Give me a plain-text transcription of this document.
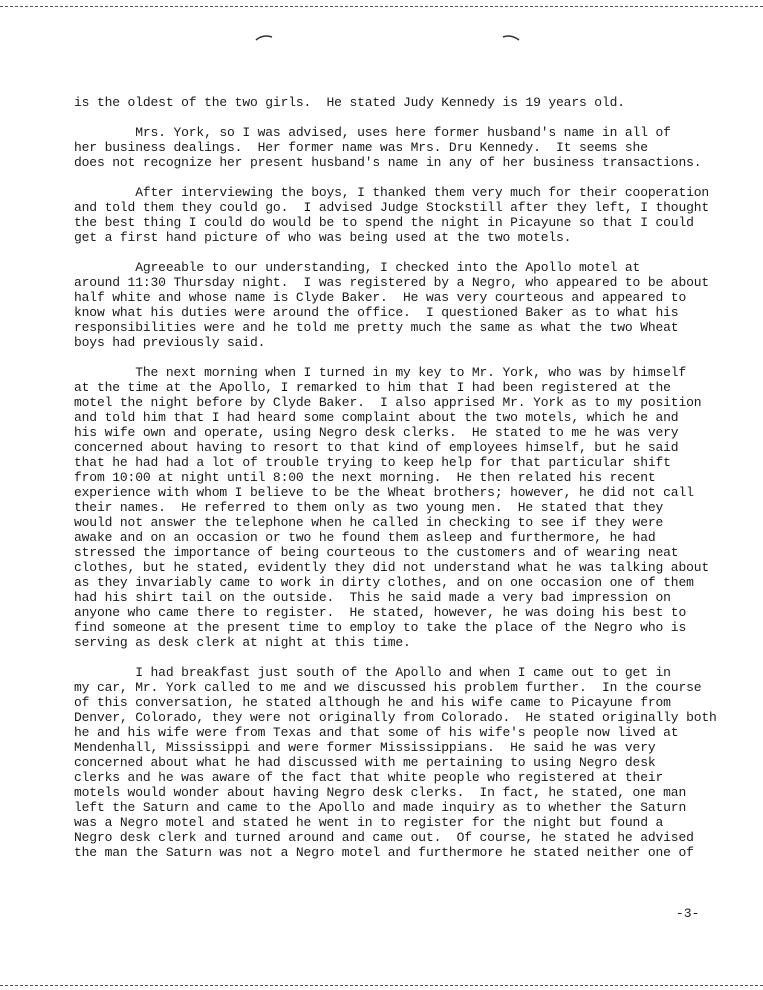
is the oldest of the two girls.  He stated Judy Kennedy is 19 years old.

Mrs. York, so I was advised, uses here former husband's name in all of
her business dealings.  Her former name was Mrs. Dru Kennedy.  It seems she
does not recognize her present husband's name in any of her business transactions.

After interviewing the boys, I thanked them very much for their cooperation
and told them they could go.  I advised Judge Stockstill after they left, I thought
the best thing I could do would be to spend the night in Picayune so that I could
get a first hand picture of who was being used at the two motels.

Agreeable to our understanding, I checked into the Apollo motel at
around 11:30 Thursday night.  I was registered by a Negro, who appeared to be about
half white and whose name is Clyde Baker.  He was very courteous and appeared to
know what his duties were around the office.  I questioned Baker as to what his
responsibilities were and he told me pretty much the same as what the two Wheat
boys had previously said.

The next morning when I turned in my key to Mr. York, who was by himself
at the time at the Apollo, I remarked to him that I had been registered at the
motel the night before by Clyde Baker.  I also apprised Mr. York as to my position
and told him that I had heard some complaint about the two motels, which he and
his wife own and operate, using Negro desk clerks.  He stated to me he was very
concerned about having to resort to that kind of employees himself, but he said
that he had had a lot of trouble trying to keep help for that particular shift
from 10:00 at night until 8:00 the next morning.  He then related his recent
experience with whom I believe to be the Wheat brothers; however, he did not call
their names.  He referred to them only as two young men.  He stated that they
would not answer the telephone when he called in checking to see if they were
awake and on an occasion or two he found them asleep and furthermore, he had
stressed the importance of being courteous to the customers and of wearing neat
clothes, but he stated, evidently they did not understand what he was talking about
as they invariably came to work in dirty clothes, and on one occasion one of them
had his shirt tail on the outside.  This he said made a very bad impression on
anyone who came there to register.  He stated, however, he was doing his best to
find someone at the present time to employ to take the place of the Negro who is
serving as desk clerk at night at this time.

I had breakfast just south of the Apollo and when I came out to get in
my car, Mr. York called to me and we discussed his problem further.  In the course
of this conversation, he stated although he and his wife came to Picayune from
Denver, Colorado, they were not originally from Colorado.  He stated originally both
he and his wife were from Texas and that some of his wife's people now lived at
Mendenhall, Mississippi and were former Mississippians.  He said he was very
concerned about what he had discussed with me pertaining to using Negro desk
clerks and he was aware of the fact that white people who registered at their
motels would wonder about having Negro desk clerks.  In fact, he stated, one man
left the Saturn and came to the Apollo and made inquiry as to whether the Saturn
was a Negro motel and stated he went in to register for the night but found a
Negro desk clerk and turned around and came out.  Of course, he stated he advised
the man the Saturn was not a Negro motel and furthermore he stated neither one of

-3-
